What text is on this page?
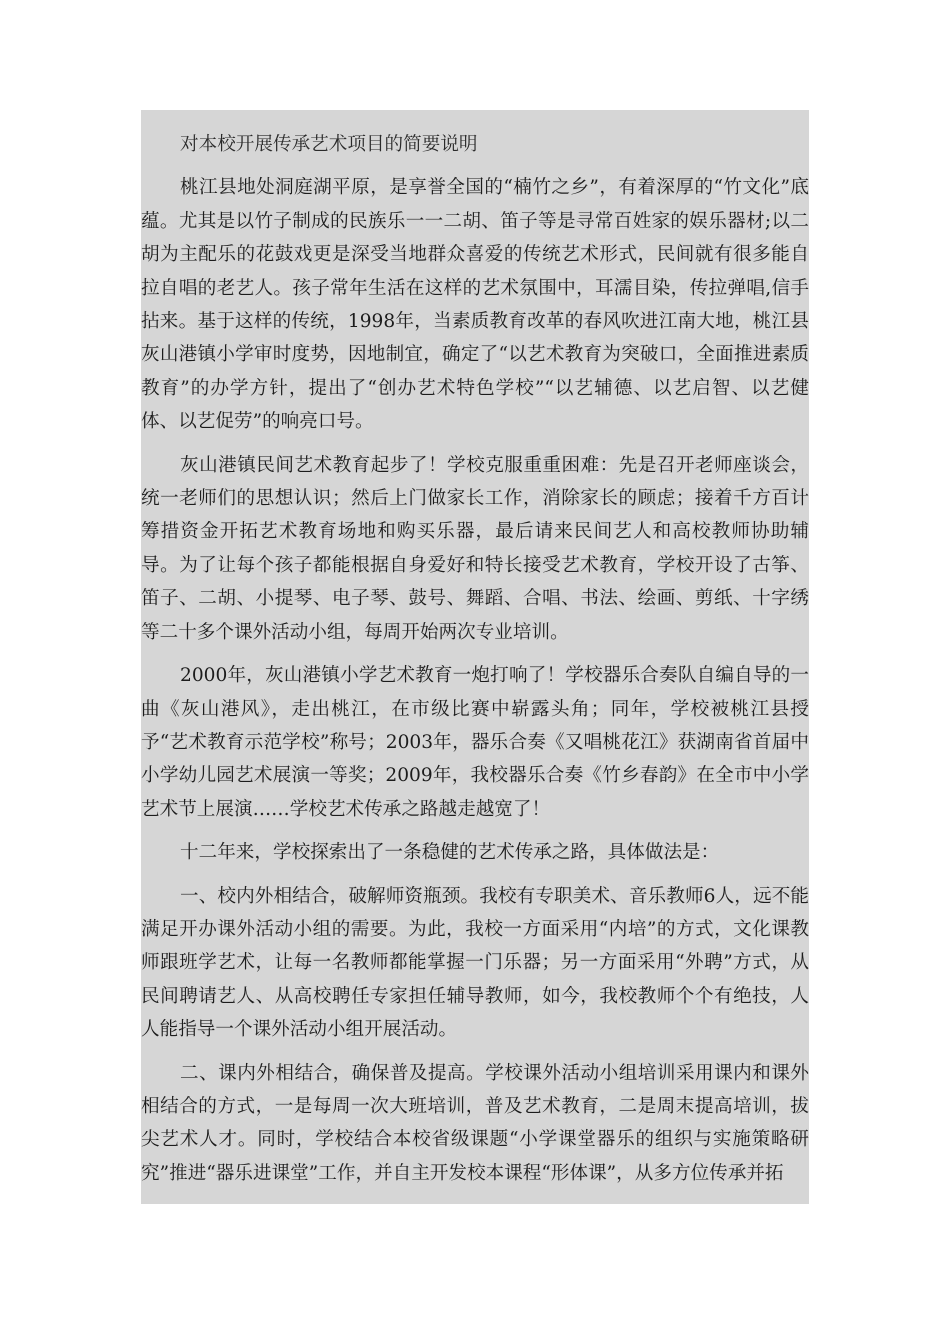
对本校开展传承艺术项目的简要说明

桃江县地处洞庭湖平原，是享誉全国的“楠竹之乡”，有着深厚的“竹文化”底蕴。尤其是以竹子制成的民族乐一一二胡、笛子等是寻常百姓家的娱乐器材;以二胡为主配乐的花鼓戏更是深受当地群众喜爱的传统艺术形式，民间就有很多能自拉自唱的老艺人。孩子常年生活在这样的艺术氛围中，耳濡目染，传拉弹唱,信手拈来。基于这样的传统，1998年，当素质教育改革的春风吹进江南大地，桃江县灰山港镇小学审时度势，因地制宜，确定了“以艺术教育为突破口，全面推进素质教育”的办学方针，提出了“创办艺术特色学校”“以艺辅德、以艺启智、以艺健体、以艺促劳”的响亮口号。

灰山港镇民间艺术教育起步了！学校克服重重困难：先是召开老师座谈会，统一老师们的思想认识；然后上门做家长工作，消除家长的顾虑；接着千方百计筹措资金开拓艺术教育场地和购买乐器，最后请来民间艺人和高校教师协助辅导。为了让每个孩子都能根据自身爱好和特长接受艺术教育，学校开设了古筝、笛子、二胡、小提琴、电子琴、鼓号、舞蹈、合唱、书法、绘画、剪纸、十字绣等二十多个课外活动小组，每周开始两次专业培训。

2000年，灰山港镇小学艺术教育一炮打响了！学校器乐合奏队自编自导的一曲《灰山港风》，走出桃江，在市级比赛中崭露头角；同年，学校被桃江县授予“艺术教育示范学校”称号；2003年，器乐合奏《又唱桃花江》获湖南省首届中小学幼儿园艺术展演一等奖；2009年，我校器乐合奏《竹乡春韵》在全市中小学艺术节上展演……学校艺术传承之路越走越宽了！

十二年来，学校探索出了一条稳健的艺术传承之路，具体做法是：

一、校内外相结合，破解师资瓶颈。我校有专职美术、音乐教师6人，远不能满足开办课外活动小组的需要。为此，我校一方面采用“内培”的方式，文化课教师跟班学艺术，让每一名教师都能掌握一门乐器；另一方面采用“外聘”方式，从民间聘请艺人、从高校聘任专家担任辅导教师，如今，我校教师个个有绝技，人人能指导一个课外活动小组开展活动。

二、课内外相结合，确保普及提高。学校课外活动小组培训采用课内和课外相结合的方式，一是每周一次大班培训，普及艺术教育，二是周末提高培训，拔尖艺术人才。同时，学校结合本校省级课题“小学课堂器乐的组织与实施策略研究”推进“器乐进课堂”工作，并自主开发校本课程“形体课”，从多方位传承并拓
